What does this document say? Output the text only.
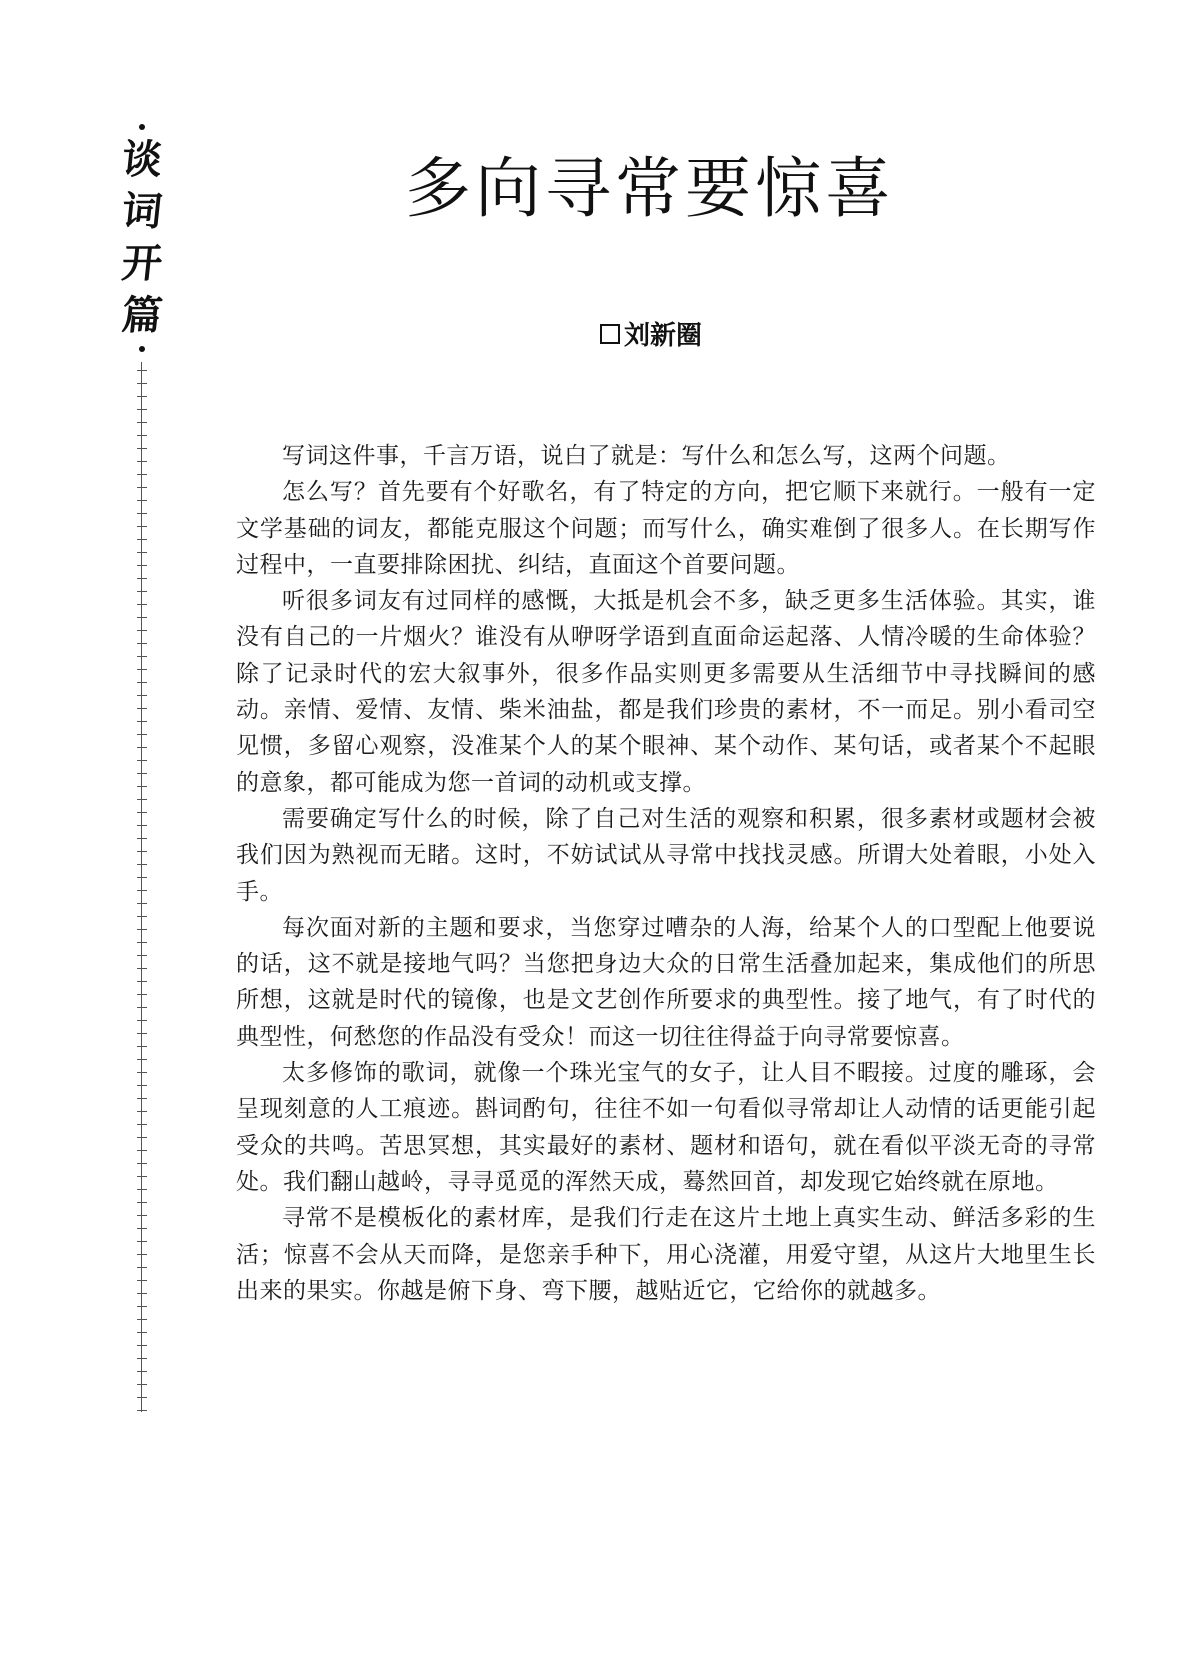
谈
词
开
篇
多向寻常要惊喜
刘新圈

写词这件事，千言万语，说白了就是：写什么和怎么写，这两个问题。

怎么写？首先要有个好歌名，有了特定的方向，把它顺下来就行。一般有一定文学基础的词友，都能克服这个问题；而写什么，确实难倒了很多人。在长期写作过程中，一直要排除困扰、纠结，直面这个首要问题。

听很多词友有过同样的感慨，大抵是机会不多，缺乏更多生活体验。其实，谁没有自己的一片烟火？谁没有从咿呀学语到直面命运起落、人情冷暖的生命体验？除了记录时代的宏大叙事外，很多作品实则更多需要从生活细节中寻找瞬间的感动。亲情、爱情、友情、柴米油盐，都是我们珍贵的素材，不一而足。别小看司空见惯，多留心观察，没准某个人的某个眼神、某个动作、某句话，或者某个不起眼的意象，都可能成为您一首词的动机或支撑。

需要确定写什么的时候，除了自己对生活的观察和积累，很多素材或题材会被我们因为熟视而无睹。这时，不妨试试从寻常中找找灵感。所谓大处着眼，小处入手。

每次面对新的主题和要求，当您穿过嘈杂的人海，给某个人的口型配上他要说的话，这不就是接地气吗？当您把身边大众的日常生活叠加起来，集成他们的所思所想，这就是时代的镜像，也是文艺创作所要求的典型性。接了地气，有了时代的典型性，何愁您的作品没有受众！而这一切往往得益于向寻常要惊喜。

太多修饰的歌词，就像一个珠光宝气的女子，让人目不暇接。过度的雕琢，会呈现刻意的人工痕迹。斟词酌句，往往不如一句看似寻常却让人动情的话更能引起受众的共鸣。苦思冥想，其实最好的素材、题材和语句，就在看似平淡无奇的寻常处。我们翻山越岭，寻寻觅觅的浑然天成，蓦然回首，却发现它始终就在原地。

寻常不是模板化的素材库，是我们行走在这片土地上真实生动、鲜活多彩的生活；惊喜不会从天而降，是您亲手种下，用心浇灌，用爱守望，从这片大地里生长出来的果实。你越是俯下身、弯下腰，越贴近它，它给你的就越多。
